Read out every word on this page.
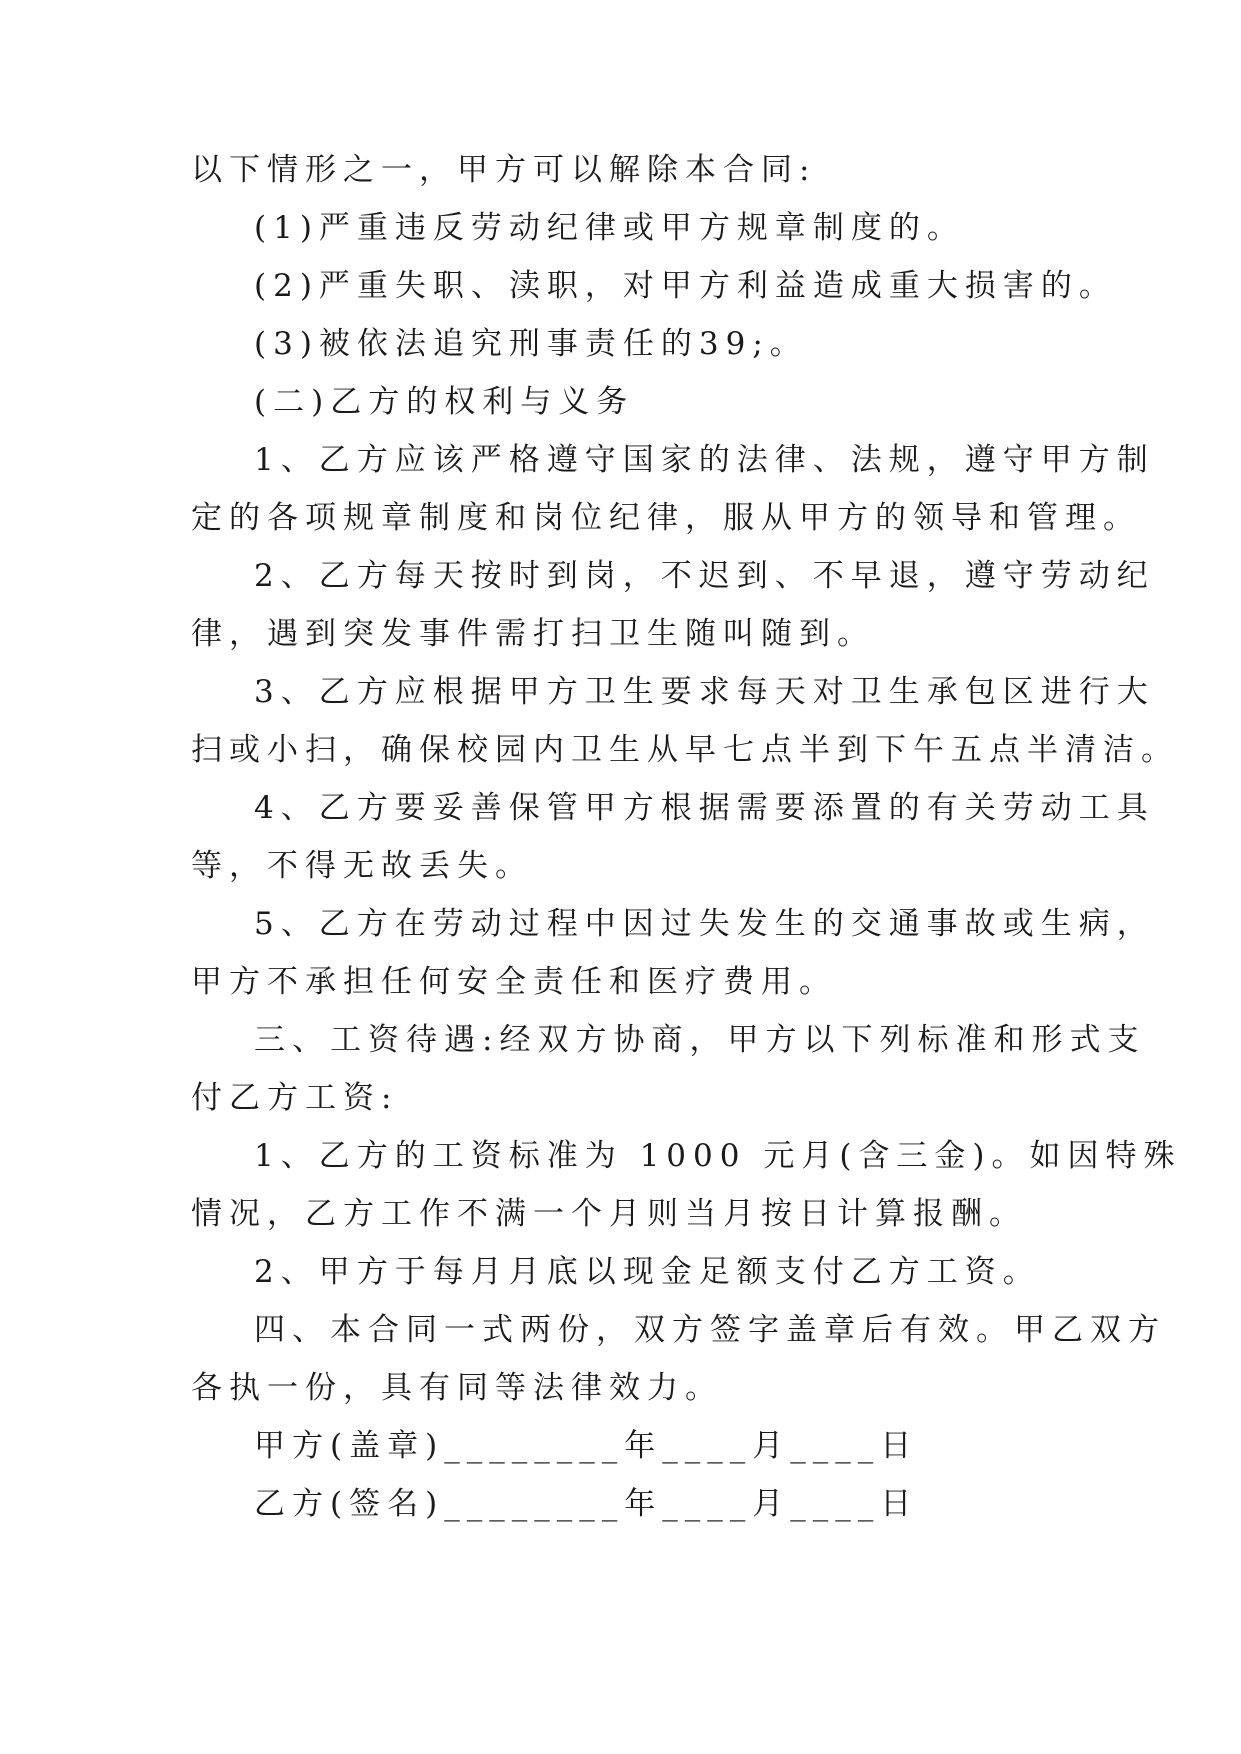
以下情形之一，甲方可以解除本合同:
(1)严重违反劳动纪律或甲方规章制度的。
(2)严重失职、渎职，对甲方利益造成重大损害的。
(3)被依法追究刑事责任的39;。
(二)乙方的权利与义务
1、乙方应该严格遵守国家的法律、法规，遵守甲方制
定的各项规章制度和岗位纪律，服从甲方的领导和管理。
2、乙方每天按时到岗，不迟到、不早退，遵守劳动纪
律，遇到突发事件需打扫卫生随叫随到。
3、乙方应根据甲方卫生要求每天对卫生承包区进行大
扫或小扫，确保校园内卫生从早七点半到下午五点半清洁。
4、乙方要妥善保管甲方根据需要添置的有关劳动工具
等，不得无故丢失。
5、乙方在劳动过程中因过失发生的交通事故或生病，
甲方不承担任何安全责任和医疗费用。
三、工资待遇:经双方协商，甲方以下列标准和形式支
付乙方工资:
1、乙方的工资标准为 1000 元月(含三金)。如因特殊
情况，乙方工作不满一个月则当月按日计算报酬。
2、甲方于每月月底以现金足额支付乙方工资。
四、本合同一式两份，双方签字盖章后有效。甲乙双方
各执一份，具有同等法律效力。
甲方(盖章)________年____月____日
乙方(签名)________年____月____日
